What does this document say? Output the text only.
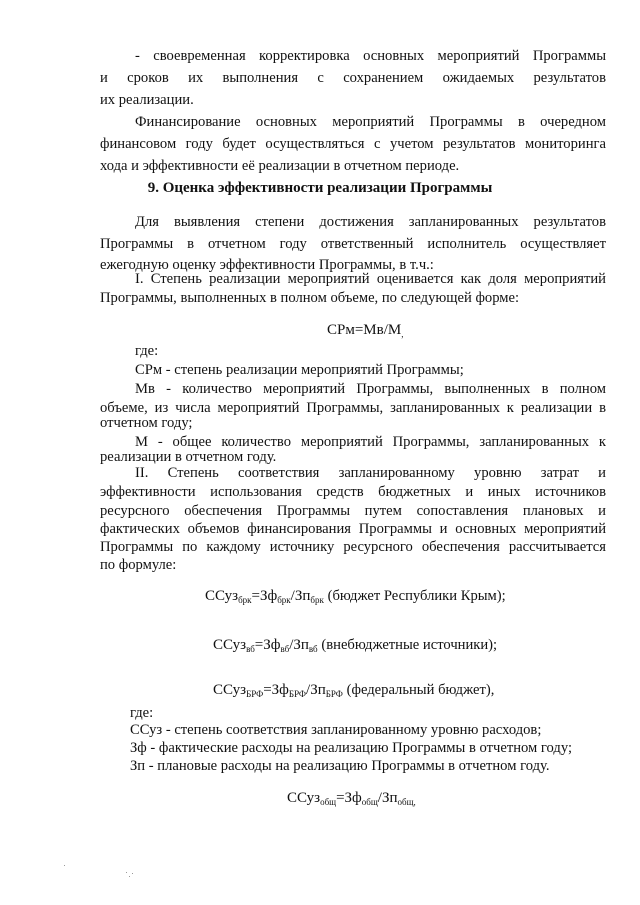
- своевременная корректировка основных мероприятий Программы
и сроков их выполнения с сохранением ожидаемых результатов
их реализации.
Финансирование основных мероприятий Программы в очередном
финансовом году будет осуществляться с учетом результатов мониторинга
хода и эффективности её реализации в отчетном периоде.
9. Оценка эффективности реализации Программы
Для выявления степени достижения запланированных результатов
Программы в отчетном году ответственный исполнитель осуществляет
ежегодную оценку эффективности Программы, в т.ч.:
I. Степень реализации мероприятий оценивается как доля мероприятий
Программы, выполненных в полном объеме, по следующей форме:
$СРм=Мв/М_,$
где:
СРм - степень реализации мероприятий Программы;
Мв - количество мероприятий Программы, выполненных в полном
объеме, из числа мероприятий Программы, запланированных к реализации в
отчетном году;
М - общее количество мероприятий Программы, запланированных к
реализации в отчетном году.
II. Степень соответствия запланированному уровню затрат и
эффективности использования средств бюджетных и иных источников
ресурсного обеспечения Программы путем сопоставления плановых и
фактических объемов финансирования Программы и основных мероприятий
Программы по каждому источнику ресурсного обеспечения рассчитывается
по формуле:
$ССуз_{брк}=Зф_{брк}/Зп_{брк}$ (бюджет Республики Крым);
$ССуз_{вб}=Зф_{вб}/Зп_{вб}$ (внебюджетные источники);
$ССуз_{БРФ}=Зф_{БРФ}/Зп_{БРФ}$ (федеральный бюджет),
где:
ССуз - степень соответствия запланированному уровню расходов;
Зф - фактические расходы на реализацию Программы в отчетном году;
Зп - плановые расходы на реализацию Программы в отчетном году.
$ССуз_{общ}=Зф_{общ}/Зп_{общ,}$
